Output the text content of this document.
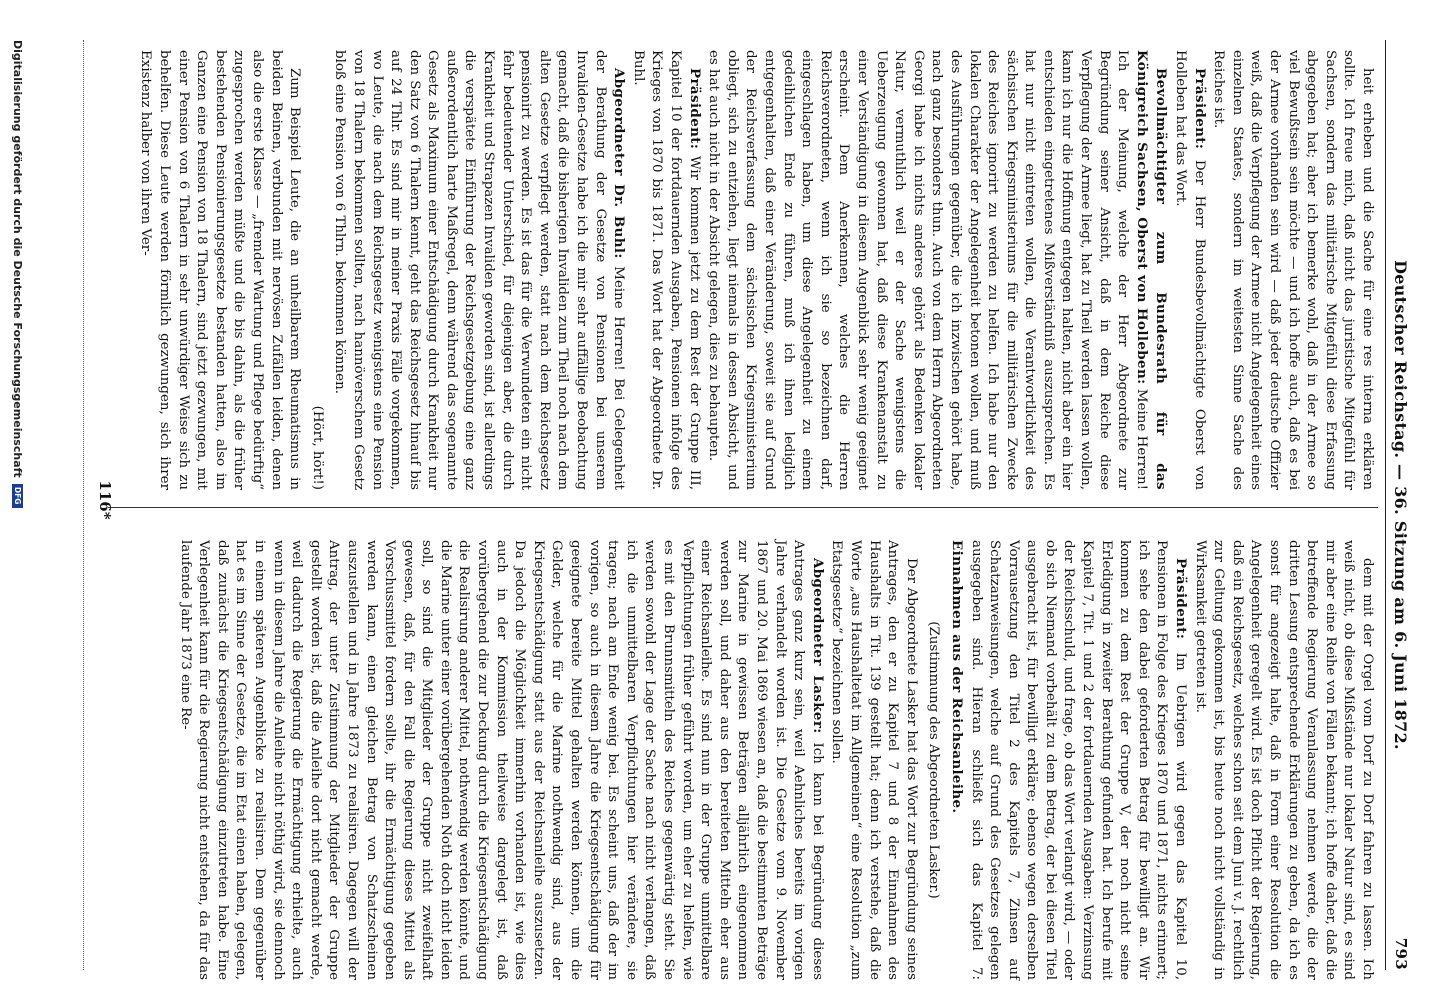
Deutscher Reichstag. — 36. Sitzung am 6. Juni 1872.
793

heit erheben und die Sache für eine res interna erklären sollte. Ich freue mich, daß nicht das juristische Mitgefühl für Sachsen, sondern das militärische Mitgefühl diese Erfassung abgegeben hat; aber ich bemerke wohl, daß in der Armee so viel Bewußtsein sein möchte — und ich hoffe auch, daß es bei der Armee vorhanden sein wird — daß jeder deutsche Offizier weiß, daß die Verpflegung der Armee nicht Angelegenheit eines einzelnen Staates, sondern im weitesten Sinne Sache des Reiches ist.

Präsident: Der Herr Bundesbevollmächtigte Oberst von Holleben hat das Wort.

Bevollmächtigter zum Bundesrath für das Königreich Sachsen, Oberst von Holleben: Meine Herren! Ich der Meinung, welche der Herr Abgeordnete zur Begründung seiner Ansicht, daß in dem Reiche diese Verpflegung der Armee liegt, hat zu Theil werden lassen wollen, kann ich nur die Hoffnung entgegen halten, nicht aber ein hier entschieden eingetretenes Mißverständniß auszusprechen. Es hat nur nicht eintreten wollen, die Verantwortlichkeit des sächsischen Kriegsministeriums für die militärischen Zwecke des Reiches ignorirt zu werden zu helfen. Ich habe nur den lokalen Charakter der Angelegenheit betonen wollen, und muß des Ausführungen gegenüber, die ich inzwischen gehört habe, nach ganz besonders thun. Auch von dem Herrn Abgeordneten Georgi habe ich nichts anderes gehört als Bedenken lokaler Natur, vermuthlich weil er der Sache wenigstens die Ueberzeugung gewonnen hat, daß diese Krankenanstalt zu einer Verständigung in diesem Augenblick sehr wenig geeignet erscheint. Dem Anerkennen, welches die Herren Reichsverordneten, wenn ich sie so bezeichnen darf, eingeschlagen haben, um diese Angelegenheit zu einem gedeihlichen Ende zu führen, muß ich ihnen lediglich entgegenhalten, daß einer Veränderung, soweit sie auf Grund der Reichsverfassung dem sächsischen Kriegsministerium obliegt, sich zu entziehen, liegt niemals in dessen Absicht, und es hat auch nicht in der Absicht gelegen, dies zu behaupten.

Präsident: Wir kommen jetzt zu dem Rest der Gruppe III, Kapitel 10 der fortdauernden Ausgaben, Pensionen infolge des Krieges von 1870 bis 1871. Das Wort hat der Abgeordnete Dr. Buhl.

Abgeordneter Dr. Buhl: Meine Herren! Bei Gelegenheit der Berathung der Gesetze von Pensionen bei unserem Invaliden-Gesetze habe ich die mir sehr auffällige Beobachtung gemacht, daß die bisherigen Invaliden zum Theil noch nach dem alten Gesetze verpflegt werden, statt nach dem Reichsgesetz pensionirt zu werden. Es ist das für die Verwundeten ein nicht fehr bedeutender Unterschied, für diejenigen aber, die durch Krankheit und Strapazen Invaliden geworden sind, ist allerdings die verspätete Einführung der Reichsgesetzgebung eine ganz außerordentlich harte Maßregel, denn während das sogenannte Gesetz als Maximum einer Entschädigung durch Krankheit nur den Satz von 6 Thalern kennt, geht das Reichsgesetz hinauf bis auf 24 Thlr. Es sind mir in meiner Praxis Fälle vorgekommen, wo Leute, die nach dem Reichsgesetz wenigstens eine Pension von 18 Thalern bekommen sollten, nach hannöverschem Gesetz bloß eine Pension von 6 Thlrn. bekommen können.

(Hört, hört!)

Zum Beispiel Leute, die an unheilbarem Rheumatismus in beiden Beinen, verbunden mit nervösen Zufällen leiden, denen also die erste Klasse — „fremder Wartung und Pflege bedürftig“ zugesprochen werden müßte und die bis dahin, als die früher bestehenden Pensionierungsgesetze bestanden hatten, also im Ganzen eine Pension von 18 Thalern, sind jetzt gezwungen, mit einer Pension von 6 Thalern in sehr unwürdiger Weise sich zu behelfen. Diese Leute werden förmlich gezwungen, sich ihrer Existenz halber von ihren Ver-

dem mit der Orgel vom Dorf zu Dorf fahren zu lassen. Ich weiß nicht, ob diese Mißstände nur lokaler Natur sind, es sind mir aber eine Reihe von Fällen bekannt; ich hoffe daher, daß die betreffende Regierung Veranlassung nehmen werde, die der dritten Lesung entsprechende Erklärungen zu geben, da ich es sonst für angezeigt halte, daß in Form einer Resolution die Angelegenheit geregelt wird. Es ist doch Pflicht der Regierung, daß ein Reichsgesetz, welches schon seit dem Juni v. J. rechtlich zur Geltung gekommen ist, bis heute noch nicht vollständig in Wirksamkeit getreten ist.

Präsident: Im Uebrigen wird gegen das Kapitel 10, Pensionen in Folge des Krieges 1870 und 1871, nichts erinnert; ich sehe den dabei geforderten Betrag für bewilligt an. Wir kommen zu dem Rest der Gruppe V, der noch nicht seine Erledigung in zweiter Berathung gefunden hat. Ich berufe mit Kapitel 7, Tit. 1 und 2 der fortdauernden Ausgaben: Verzinsung der Reichsschuld, und frage, ob das Wort verlangt wird, — oder ob sich Niemand vorbehält zu dem Betrag, der bei diesen Titel ausgebracht ist, für bewilligt erkläre; ebenso wegen derselben Vorrausetzung den Titel 2 des Kapitels 7, Zinsen auf Schatzanweisungen, welche auf Grund des Gesetzes gelegen ausgegeben sind. Hieran schließt sich das Kapitel 7: Einnahmen aus der Reichsanleihe.

(Zustimmung des Abgeordneten Lasker.)

Der Abgeordnete Lasker hat das Wort zur Begründung seines Antrages, den er zu Kapitel 7 und 8 der Einnahmen des Haushalts in Tit. 139 gestellt hat; denn ich verstehe, daß die Worte „aus Haushaltetat im Allgemeinen“ eine Resolution „zum Etatsgesetze“ bezeichnen sollen.

Abgeordneter Lasker: Ich kann bei Begründung dieses Antrages ganz kurz sein, weil Aehnliches bereits im vorigen Jahre verhandelt worden ist. Die Gesetze vom 9. November 1867 und 20. Mai 1869 wiesen an, daß die bestimmten Beträge zur Marine in gewissen Beträgen alljährlich eingenommen werden soll, und daher aus den bereiteten Mitteln eher aus einer Reichsanleihe. Es sind nun in der Gruppe unmittelbare Verpflichtungen früher geführt worden, um eher zu helfen, wie es mit den Brunnsmitteln des Reiches gegenwärtig steht. Sie werden sowohl der Lage der Sache nach nicht verlangen, daß ich die unmittelbaren Verpflichtungen hier verändere, sie tragen; nach am Ende wenig bei. Es scheint uns, daß der im vorigen, so auch in diesem Jahre die Kriegsentschädigung für geeignete bereite Mittel gehalten werden können, um die Gelder, welche für die Marine nothwendig sind, aus der Kriegsentschädigung statt aus der Reichsanleihe auszusetzen. Da jedoch die Möglichkeit immerhin vorhanden ist, wie dies auch in der Kommission theilweise dargelegt ist, daß vorübergehend die zur Deckung durch die Kriegsentschädigung die Realisirung anderer Mittel, nothwendig werden könnte, und die Marine unter einer vorübergehenden Noth doch nicht leiden soll, so sind die Mitglieder der Gruppe nicht zweifelhaft gewesen, daß, für den Fall die Regierung dieses Mittel als Vorschussmittel fordern sollte, ihr die Ermächtigung gegeben werden kann, einen gleichen Betrag von Schatzscheinen auszustellen und in Jahre 1873 zu realisiren. Dagegen will der Antrag, der unter Zustimmung der Mitglieder der Gruppe gestellt worden ist, daß die Anleihe dort nicht gemacht werde, weil dadurch die Regierung die Ermächtigung erhielte, auch wenn in diesem Jahre die Anleihe nicht nöthig wird, sie dennoch in einem späteren Augenblicke zu realisiren. Dem gegenüber hat es im Sinne der Gesetze, die im Etat einen haben, gelegen, daß zunächst die Kriegsentschädigung einzutreten habe. Eine Verlegenheit kann für die Regierung nicht entstehen, da für das laufende Jahr 1873 eine Re-

116*
Digitalisierung gefördert durch die Deutsche Forschungsgemeinschaft
DFG
